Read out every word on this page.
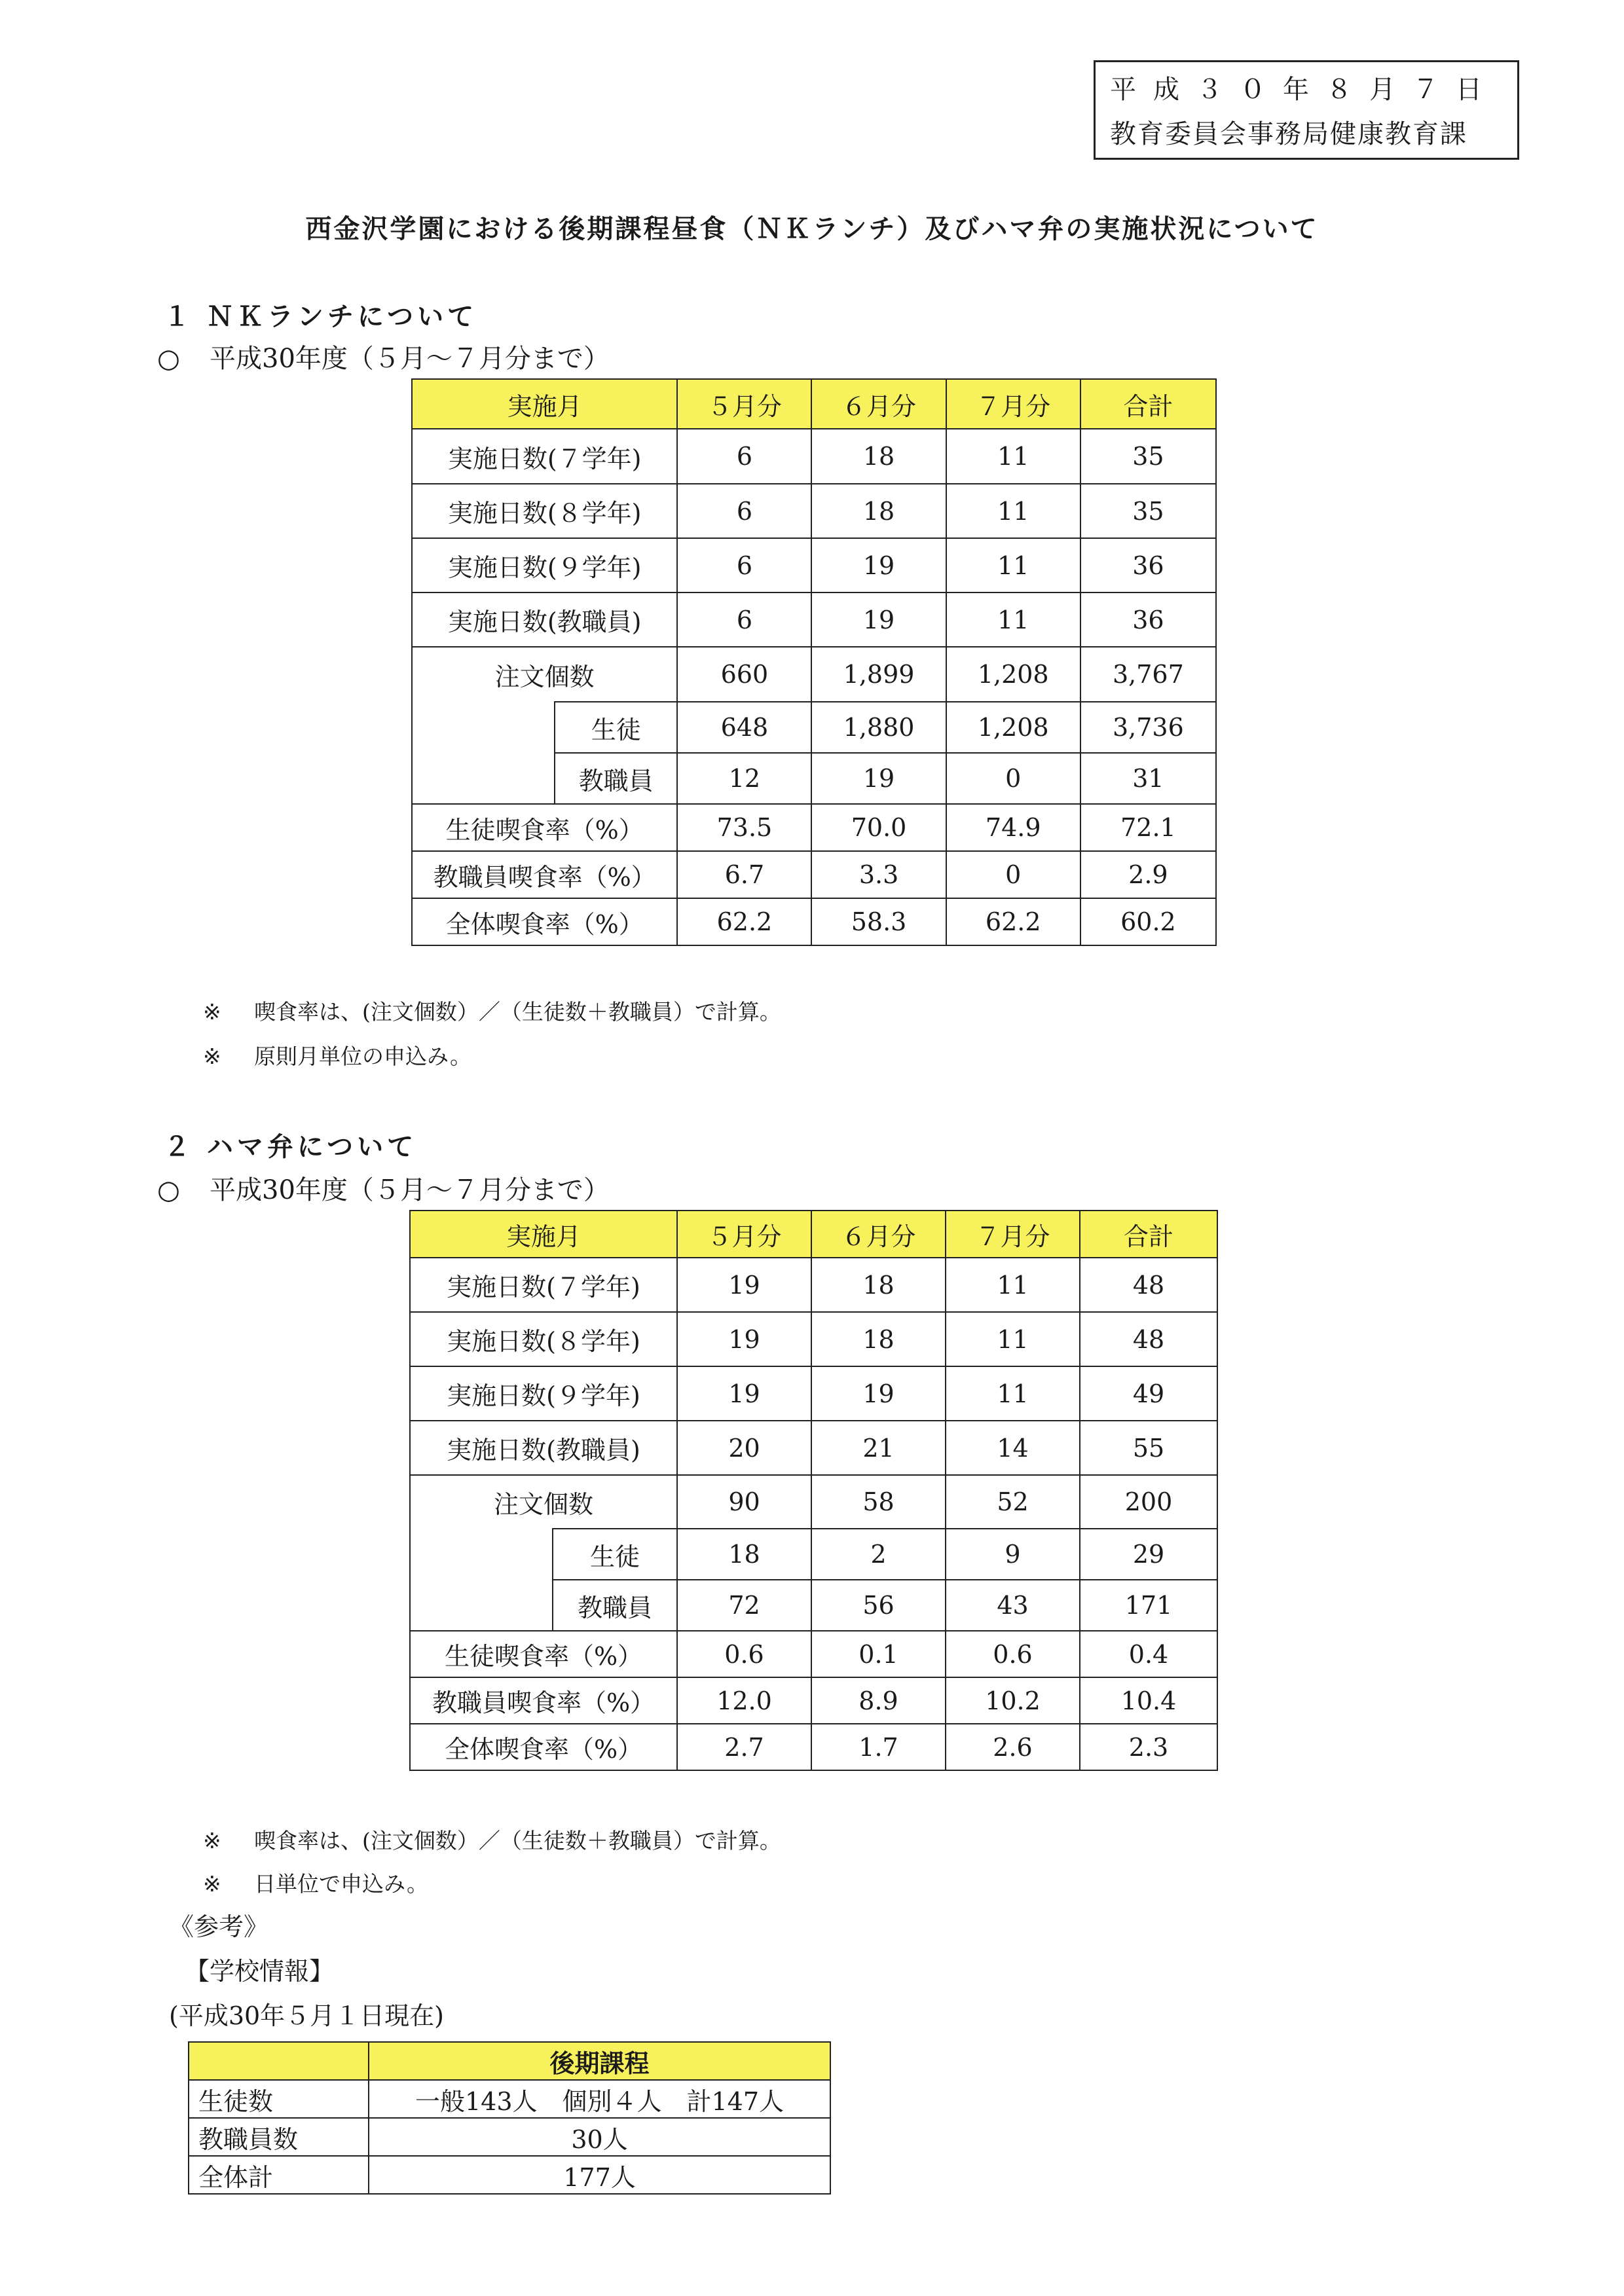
平成３０年８月７日
教育委員会事務局健康教育課
西金沢学園における後期課程昼食（ＮＫランチ）及びハマ弁の実施状況について
１ ＮＫランチについて
○ 平成30年度（５月～７月分まで）
実施月		５月分	６月分	７月分	合計
実施日数(７学年)		6	18	11	35
実施日数(８学年)		6	18	11	35
実施日数(９学年)		6	19	11	36
実施日数(教職員)		6	19	11	36
注文個数		660	1,899	1,208	3,767
	生徒	648	1,880	1,208	3,736
	教職員	12	19	0	31
生徒喫食率（%）		73.5	70.0	74.9	72.1
教職員喫食率（%）		6.7	3.3	0	2.9
全体喫食率（%）		62.2	58.3	62.2	60.2
※ 喫食率は、(注文個数）／（生徒数＋教職員）で計算。
※ 原則月単位の申込み。
２ ハマ弁について
○ 平成30年度（５月～７月分まで）
実施月		５月分	６月分	７月分	合計
実施日数(７学年)		19	18	11	48
実施日数(８学年)		19	18	11	48
実施日数(９学年)		19	19	11	49
実施日数(教職員)		20	21	14	55
注文個数		90	58	52	200
	生徒	18	2	9	29
	教職員	72	56	43	171
生徒喫食率（%）		0.6	0.1	0.6	0.4
教職員喫食率（%）		12.0	8.9	10.2	10.4
全体喫食率（%）		2.7	1.7	2.6	2.3
※ 喫食率は、(注文個数）／（生徒数＋教職員）で計算。
※ 日単位で申込み。
《参考》
【学校情報】
(平成30年５月１日現在)
	後期課程
生徒数	一般143人　個別４人　計147人
教職員数	30人
全体計	177人
